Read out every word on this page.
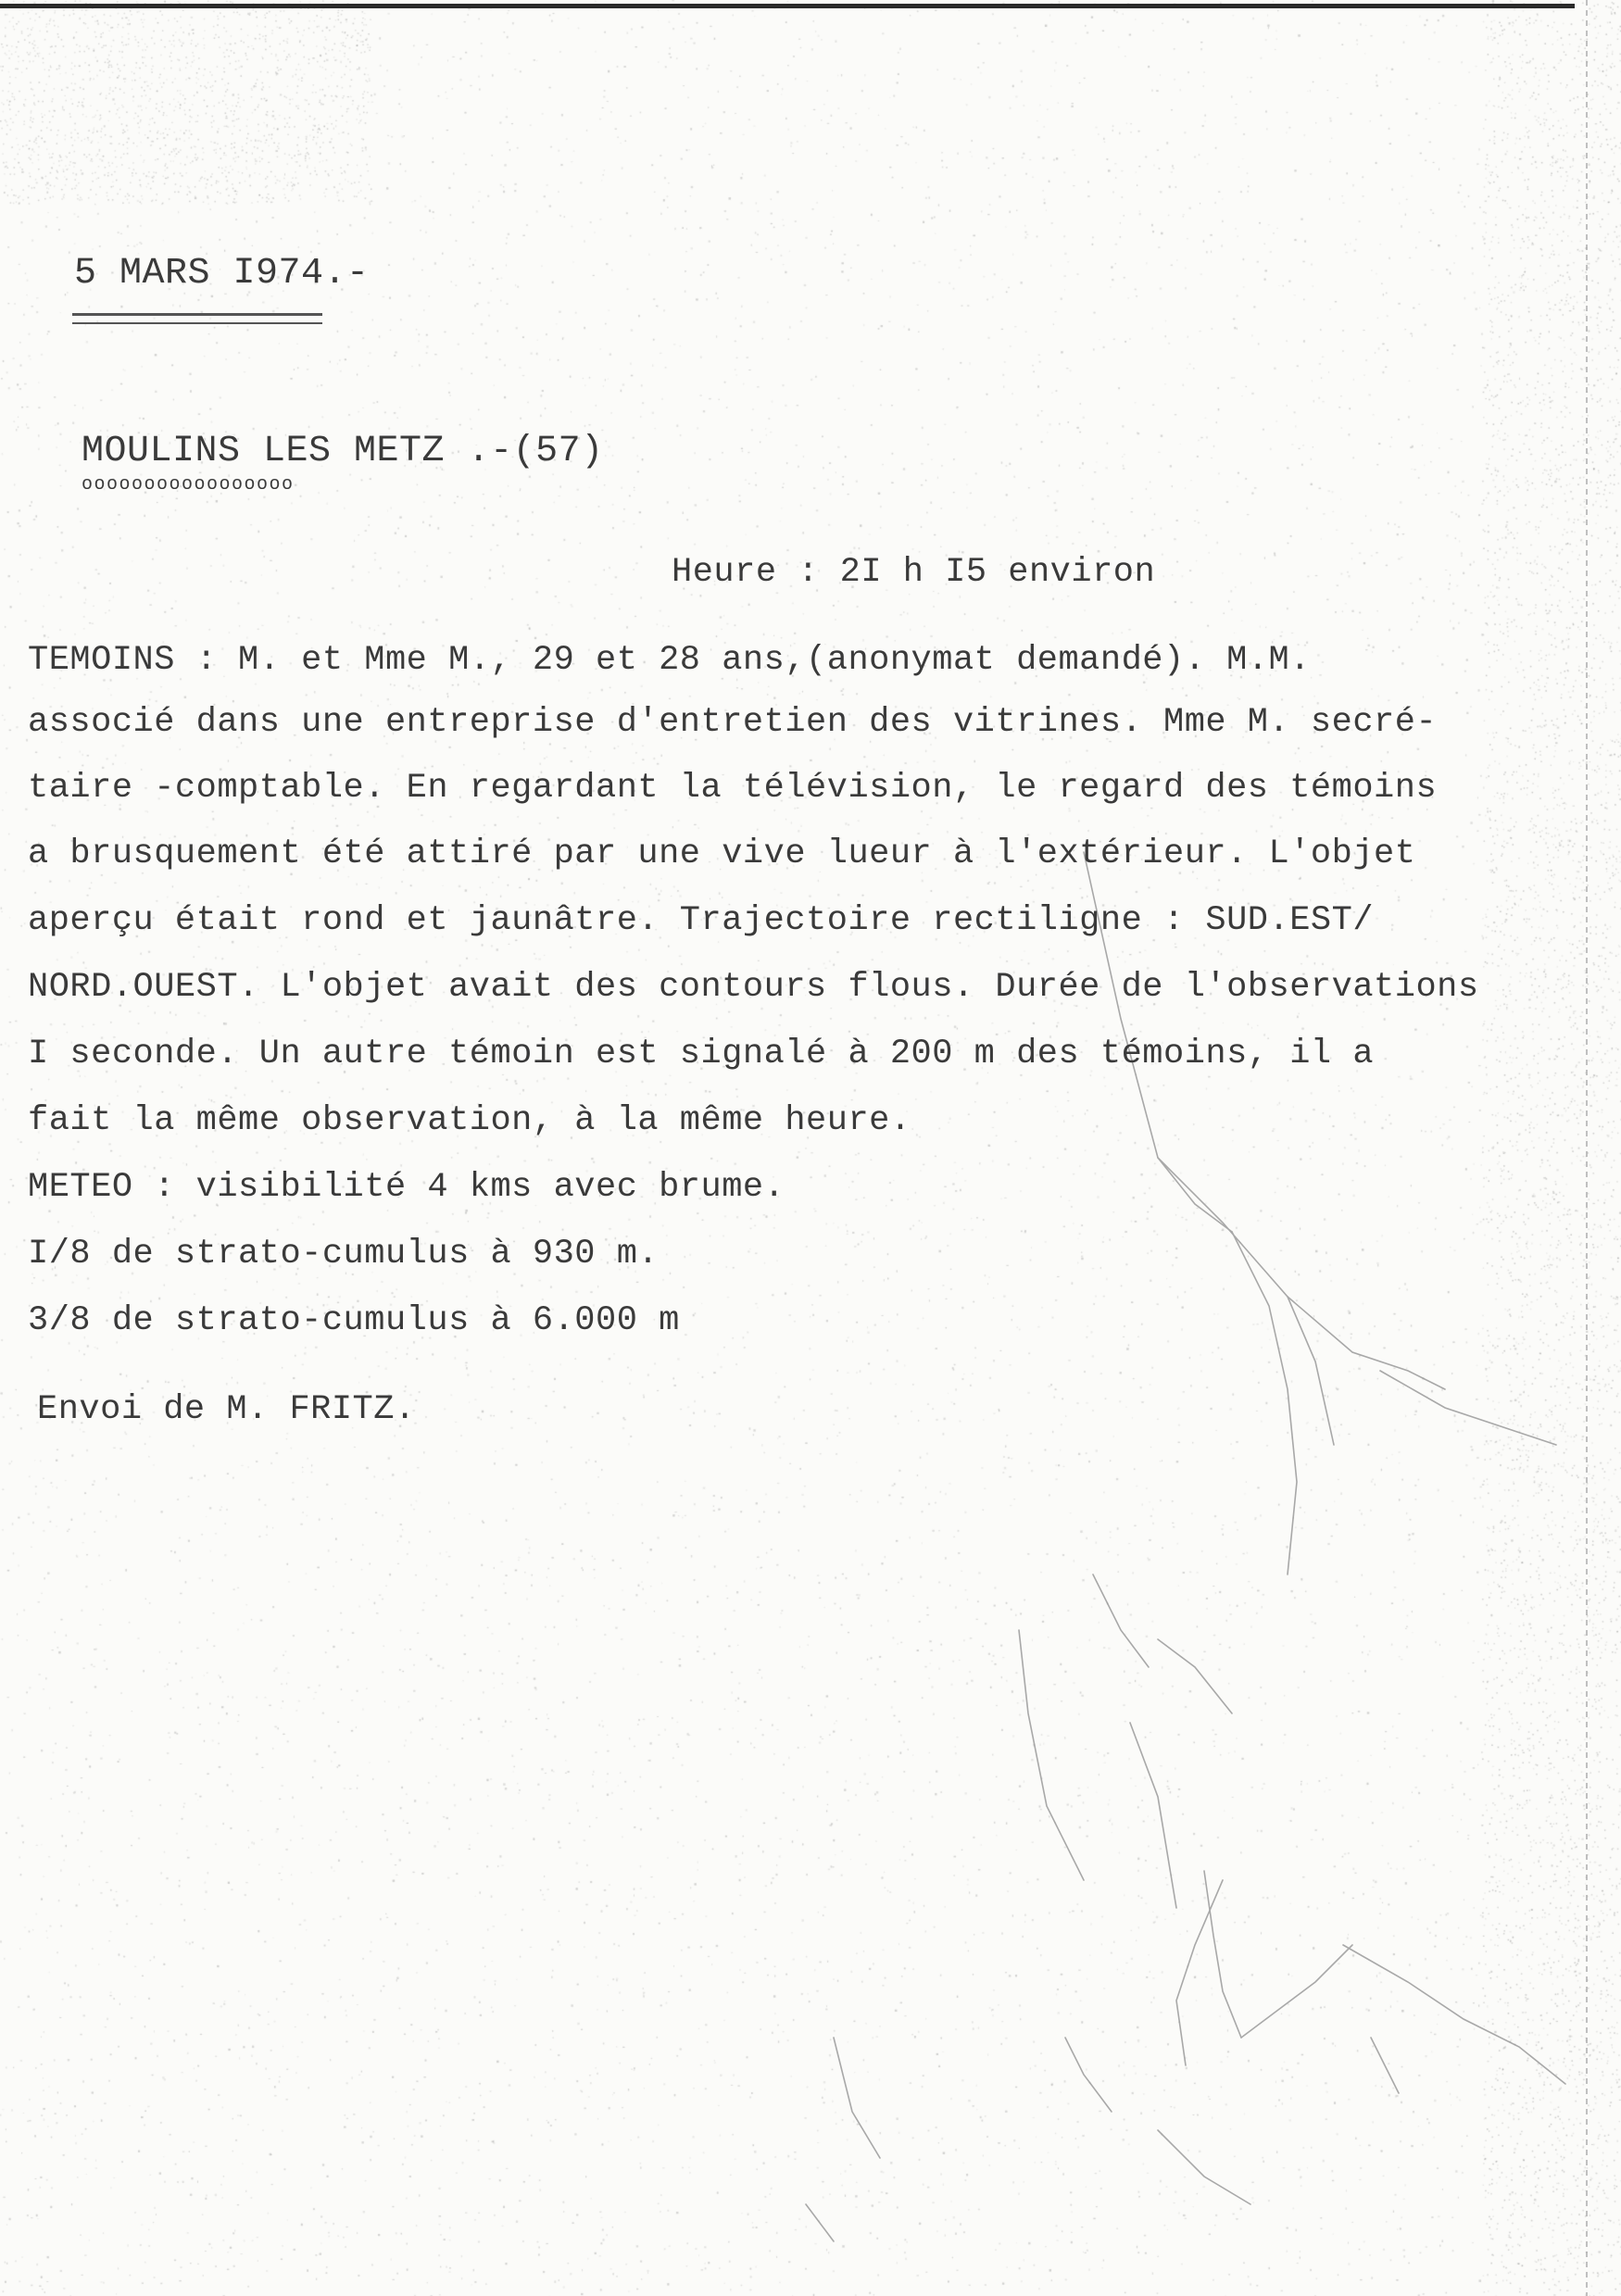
5 MARS I974.-
MOULINS LES METZ .-(57)
ooooooooooooooooo
Heure : 2I h I5 environ
TEMOINS : M. et Mme M., 29 et 28 ans,(anonymat demandé). M.M.
associé dans une entreprise d'entretien des vitrines. Mme M. secré-
taire -comptable. En regardant la télévision, le regard des témoins
a brusquement été attiré par une vive lueur à l'extérieur. L'objet
aperçu était rond et jaunâtre. Trajectoire rectiligne : SUD.EST/
NORD.OUEST. L'objet avait des contours flous. Durée de l'observations
I seconde. Un autre témoin est signalé à 200 m des témoins, il a
fait la même observation, à la même heure.
METEO : visibilité 4 kms avec brume.
I/8 de strato-cumulus à 930 m.
3/8 de strato-cumulus à 6.000 m
Envoi de M. FRITZ.
